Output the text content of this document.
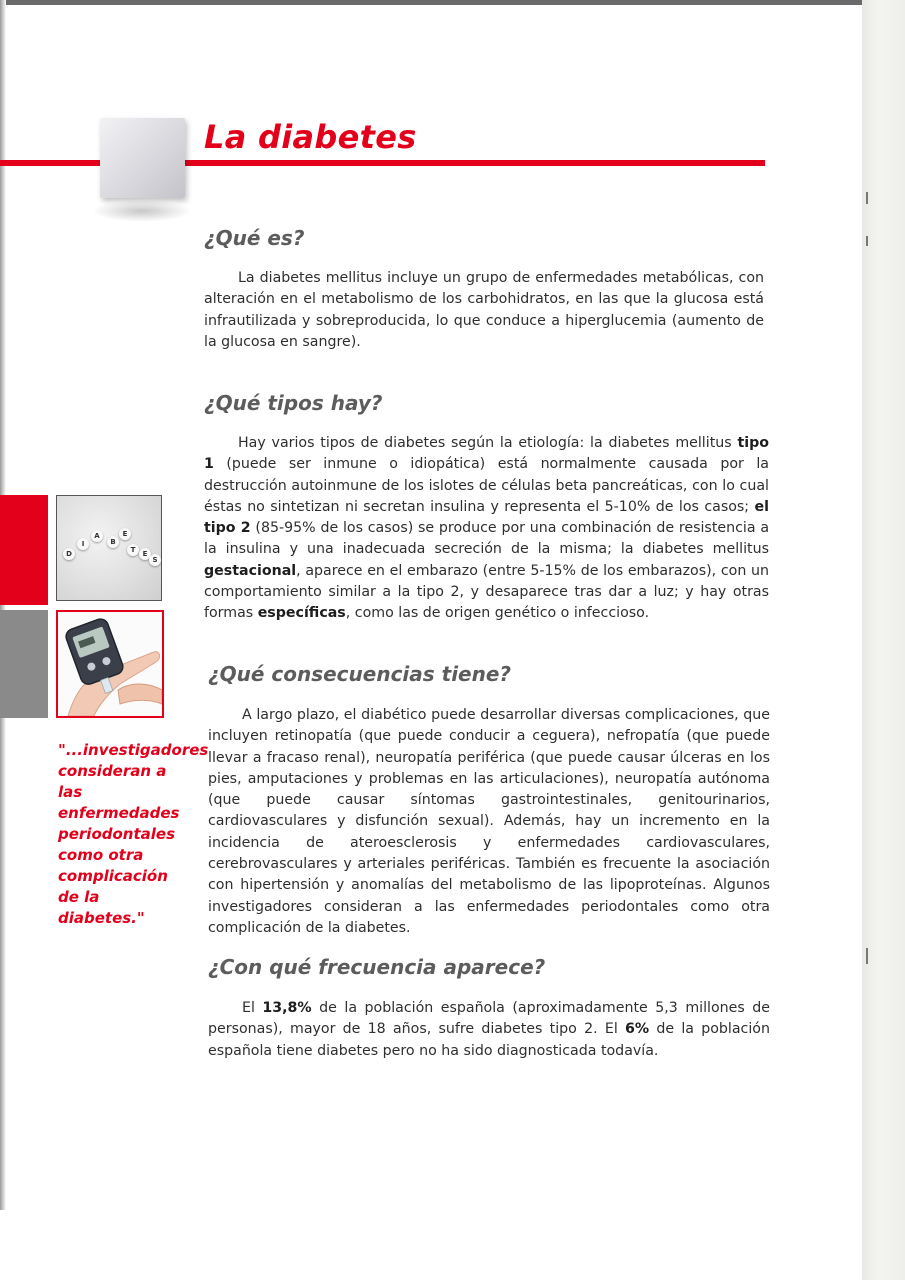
La diabetes
D
I
A
B
E
T	E
S

"...investigadores consideran a las enfermedades periodontales como otra complicación de la diabetes."

¿Qué es?

La diabetes mellitus incluye un grupo de enfermedades metabólicas, con alteración en el metabolismo de los carbohidratos, en las que la glucosa está infrautilizada y sobreproducida, lo que conduce a hiperglucemia (aumento de la glucosa en sangre).

¿Qué tipos hay?

Hay varios tipos de diabetes según la etiología: la diabetes mellitus tipo 1 (puede ser inmune o idiopática) está normalmente causada por la destrucción autoinmune de los islotes de células beta pancreáticas, con lo cual éstas no sintetizan ni secretan insulina y representa el 5-10% de los casos; el tipo 2 (85-95% de los casos) se produce por una combinación de resistencia a la insulina y una inadecuada secreción de la misma; la diabetes mellitus gestacional, aparece en el embarazo (entre 5-15% de los embarazos), con un comportamiento similar a la tipo 2, y desaparece tras dar a luz; y hay otras formas específicas, como las de origen genético o infeccioso.

¿Qué consecuencias tiene?

A largo plazo, el diabético puede desarrollar diversas complicaciones, que incluyen retinopatía (que puede conducir a ceguera), nefropatía (que puede llevar a fracaso renal), neuropatía periférica (que puede causar úlceras en los pies, amputaciones y problemas en las articulaciones), neuropatía autónoma (que puede causar síntomas gastrointestinales, genitourinarios, cardiovasculares y disfunción sexual). Además, hay un incremento en la incidencia de ateroesclerosis y enfermedades cardiovasculares, cerebrovasculares y arteriales periféricas. También es frecuente la asociación con hipertensión y anomalías del metabolismo de las lipoproteínas. Algunos investigadores consideran a las enfermedades periodontales como otra complicación de la diabetes.

¿Con qué frecuencia aparece?

El 13,8% de la población española (aproximadamente 5,3 millones de personas), mayor de 18 años, sufre diabetes tipo 2. El 6% de la población española tiene diabetes pero no ha sido diagnosticada todavía.
